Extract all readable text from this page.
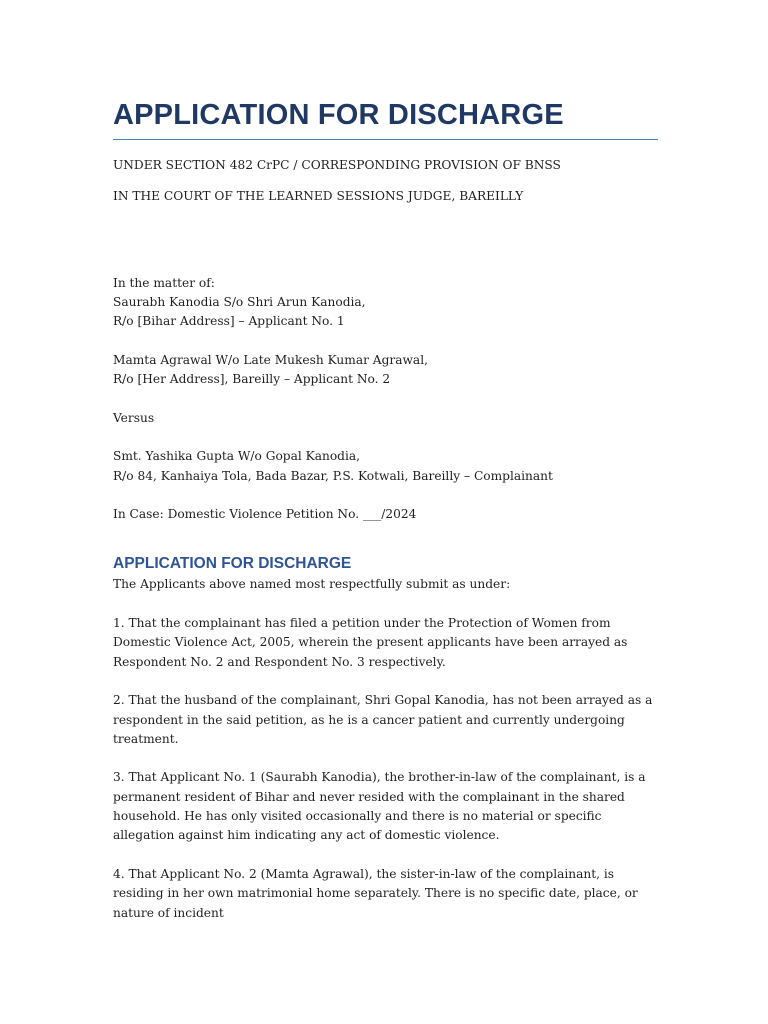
APPLICATION FOR DISCHARGE

UNDER SECTION 482 CrPC / CORRESPONDING PROVISION OF BNSS

IN THE COURT OF THE LEARNED SESSIONS JUDGE, BAREILLY

In the matter of:
Saurabh Kanodia S/o Shri Arun Kanodia,
R/o [Bihar Address] – Applicant No. 1
Mamta Agrawal W/o Late Mukesh Kumar Agrawal,
R/o [Her Address], Bareilly – Applicant No. 2
Versus
Smt. Yashika Gupta W/o Gopal Kanodia,
R/o 84, Kanhaiya Tola, Bada Bazar, P.S. Kotwali, Bareilly – Complainant
In Case: Domestic Violence Petition No. ___/2024
APPLICATION FOR DISCHARGE

The Applicants above named most respectfully submit as under:

1. That the complainant has filed a petition under the Protection of Women from Domestic Violence Act, 2005, wherein the present applicants have been arrayed as Respondent No. 2 and Respondent No. 3 respectively.

2. That the husband of the complainant, Shri Gopal Kanodia, has not been arrayed as a respondent in the said petition, as he is a cancer patient and currently undergoing treatment.

3. That Applicant No. 1 (Saurabh Kanodia), the brother-in-law of the complainant, is a permanent resident of Bihar and never resided with the complainant in the shared household. He has only visited occasionally and there is no material or specific allegation against him indicating any act of domestic violence.

4. That Applicant No. 2 (Mamta Agrawal), the sister-in-law of the complainant, is residing in her own matrimonial home separately. There is no specific date, place, or nature of incident
